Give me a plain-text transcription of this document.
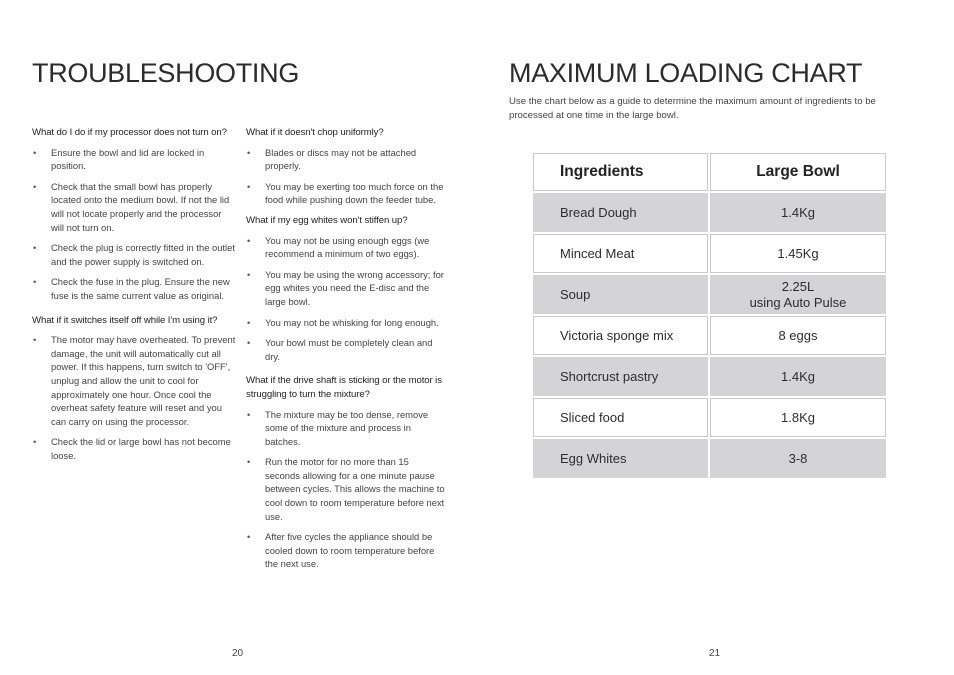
TROUBLESHOOTING
What do I do if my processor does not turn on?
• Ensure the bowl and lid are locked in position.
• Check that the small bowl has properly located onto the medium bowl. If not the lid will not locate properly and the processor will not turn on.
• Check the plug is correctly fitted in the outlet and the power supply is switched on.
• Check the fuse in the plug. Ensure the new fuse is the same current value as original.
What if it switches itself off while I'm using it?
• The motor may have overheated. To prevent damage, the unit will automatically cut all power. If this happens, turn switch to 'OFF', unplug and allow the unit to cool for approximately one hour. Once cool the overheat safety feature will reset and you can carry on using the processor.
• Check the lid or large bowl has not become loose.
What if it doesn't chop uniformly?
• Blades or discs may not be attached properly.
• You may be exerting too much force on the food while pushing down the feeder tube.
What if my egg whites won't stiffen up?
• You may not be using enough eggs (we recommend a minimum of two eggs).
• You may be using the wrong accessory; for egg whites you need the E-disc and the large bowl.
• You may not be whisking for long enough.
• Your bowl must be completely clean and dry.
What if the drive shaft is sticking or the motor is struggling to turn the mixture?
• The mixture may be too dense, remove some of the mixture and process in batches.
• Run the motor for no more than 15 seconds allowing for a one minute pause between cycles. This allows the machine to cool down to room temperature before next use.
• After five cycles the appliance should be cooled down to room temperature before the next use.
20
MAXIMUM LOADING CHART
Use the chart below as a guide to determine the maximum amount of ingredients to be processed at one time in the large bowl.
Ingredients	Large Bowl
Bread Dough	1.4Kg
Minced Meat	1.45Kg
Soup	2.25L
using Auto Pulse

Victoria sponge mix	8 eggs
Shortcrust pastry	1.4Kg
Sliced food	1.8Kg
Egg Whites	3-8
21
